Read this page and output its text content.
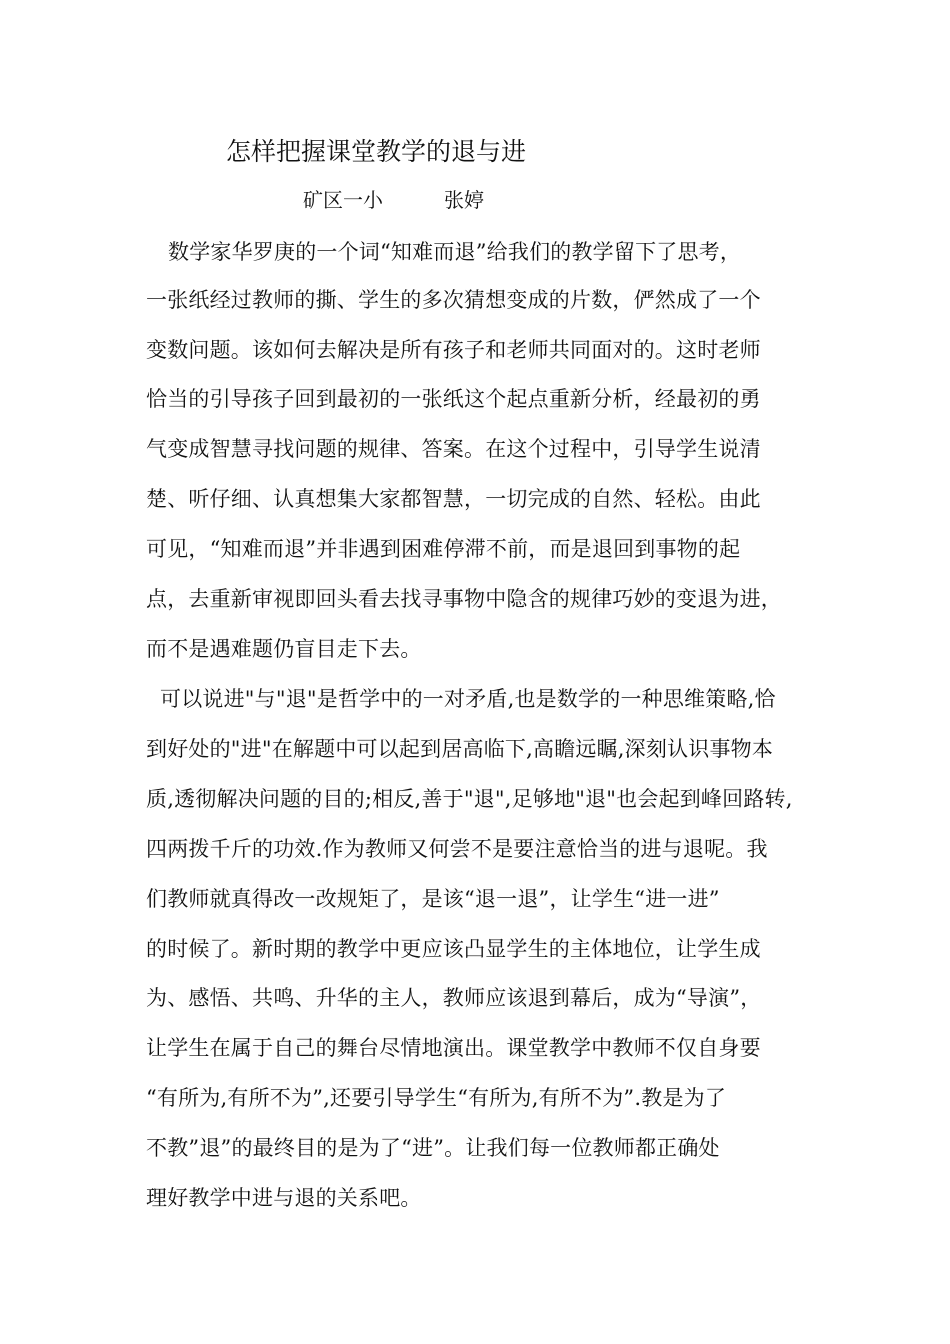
怎样把握课堂教学的退与进
矿区一小	张婷
数学家华罗庚的一个词“知难而退”给我们的教学留下了思考，
一张纸经过教师的撕、学生的多次猜想变成的片数，俨然成了一个
变数问题。该如何去解决是所有孩子和老师共同面对的。这时老师
恰当的引导孩子回到最初的一张纸这个起点重新分析，经最初的勇
气变成智慧寻找问题的规律、答案。在这个过程中，引导学生说清
楚、听仔细、认真想集大家都智慧，一切完成的自然、轻松。由此
可见，“知难而退”并非遇到困难停滞不前，而是退回到事物的起
点，去重新审视即回头看去找寻事物中隐含的规律巧妙的变退为进，
而不是遇难题仍盲目走下去。
可以说进"与"退"是哲学中的一对矛盾,也是数学的一种思维策略,恰
到好处的"进"在解题中可以起到居高临下,高瞻远瞩,深刻认识事物本
质,透彻解决问题的目的;相反,善于"退",足够地"退"也会起到峰回路转,
四两拨千斤的功效.作为教师又何尝不是要注意恰当的进与退呢。我
们教师就真得改一改规矩了，是该“退一退”，让学生“进一进”
的时候了。新时期的教学中更应该凸显学生的主体地位，让学生成
为、感悟、共鸣、升华的主人，教师应该退到幕后，成为“导演”，
让学生在属于自己的舞台尽情地演出。课堂教学中教师不仅自身要
“有所为,有所不为”,还要引导学生“有所为,有所不为”.教是为了
不教”退”的最终目的是为了“进”。让我们每一位教师都正确处
理好教学中进与退的关系吧。
